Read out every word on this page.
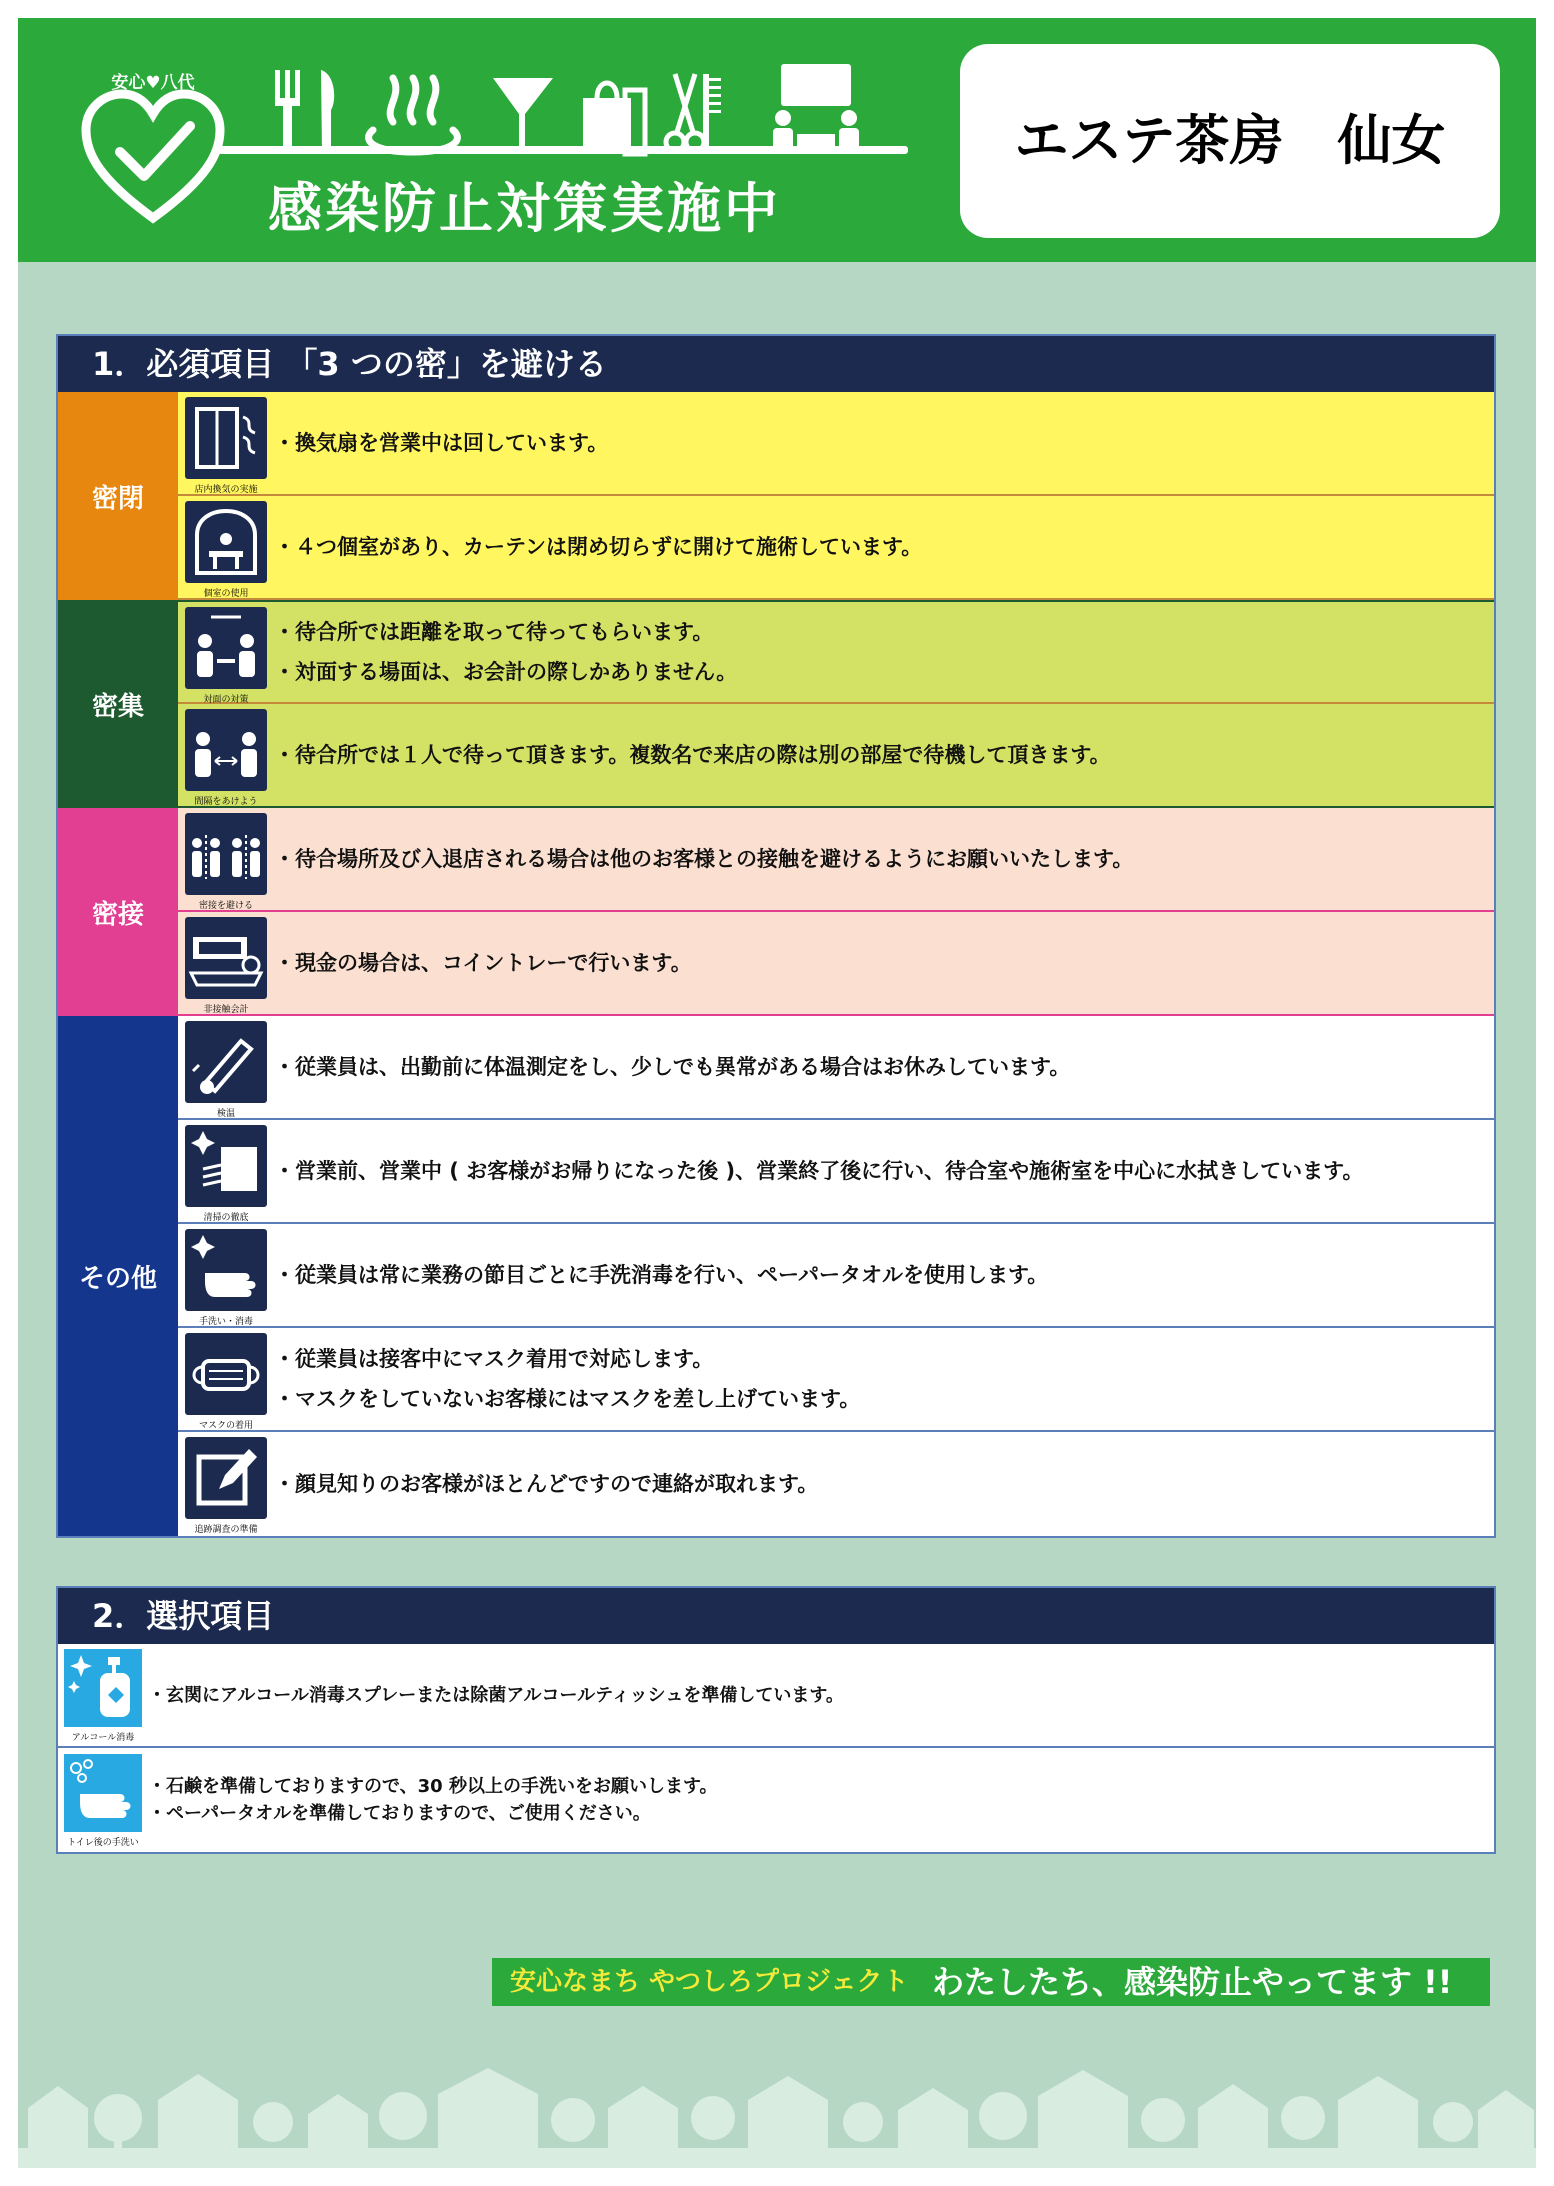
安心♥八代
感染防止対策実施中
エステ茶房　仙女
1．必須項目 「3 つの密」を避ける
密閉	店内換気の実施
・換気扇を営業中は回しています。
個室の使用
・４つ個室があり、カーテンは閉め切らずに開けて施術しています。
密集	対面の対策
・待合所では距離を取って待ってもらいます。
・対面する場面は、お会計の際しかありません。
間隔をあけよう
・待合所では１人で待って頂きます。複数名で来店の際は別の部屋で待機して頂きます。
密接	密接を避ける
・待合場所及び入退店される場合は他のお客様との接触を避けるようにお願いいたします。
非接触会計
・現金の場合は、コイントレーで行います。
その他
検温
・従業員は、出勤前に体温測定をし、少しでも異常がある場合はお休みしています。
清掃の徹底
・営業前、営業中 ( お客様がお帰りになった後 )、営業終了後に行い、待合室や施術室を中心に水拭きしています。
手洗い・消毒
・従業員は常に業務の節目ごとに手洗消毒を行い、ペーパータオルを使用します。
マスクの着用
・従業員は接客中にマスク着用で対応します。
・マスクをしていないお客様にはマスクを差し上げています。
追跡調査の準備
・顔見知りのお客様がほとんどですので連絡が取れます。
2．選択項目
アルコール消毒
・玄関にアルコール消毒スプレーまたは除菌アルコールティッシュを準備しています。
トイレ後の手洗い
・石鹸を準備しておりますので、30 秒以上の手洗いをお願いします。
・ペーパータオルを準備しておりますので、ご使用ください。
安心なまち やつしろプロジェクト わたしたち、感染防止やってます !!
